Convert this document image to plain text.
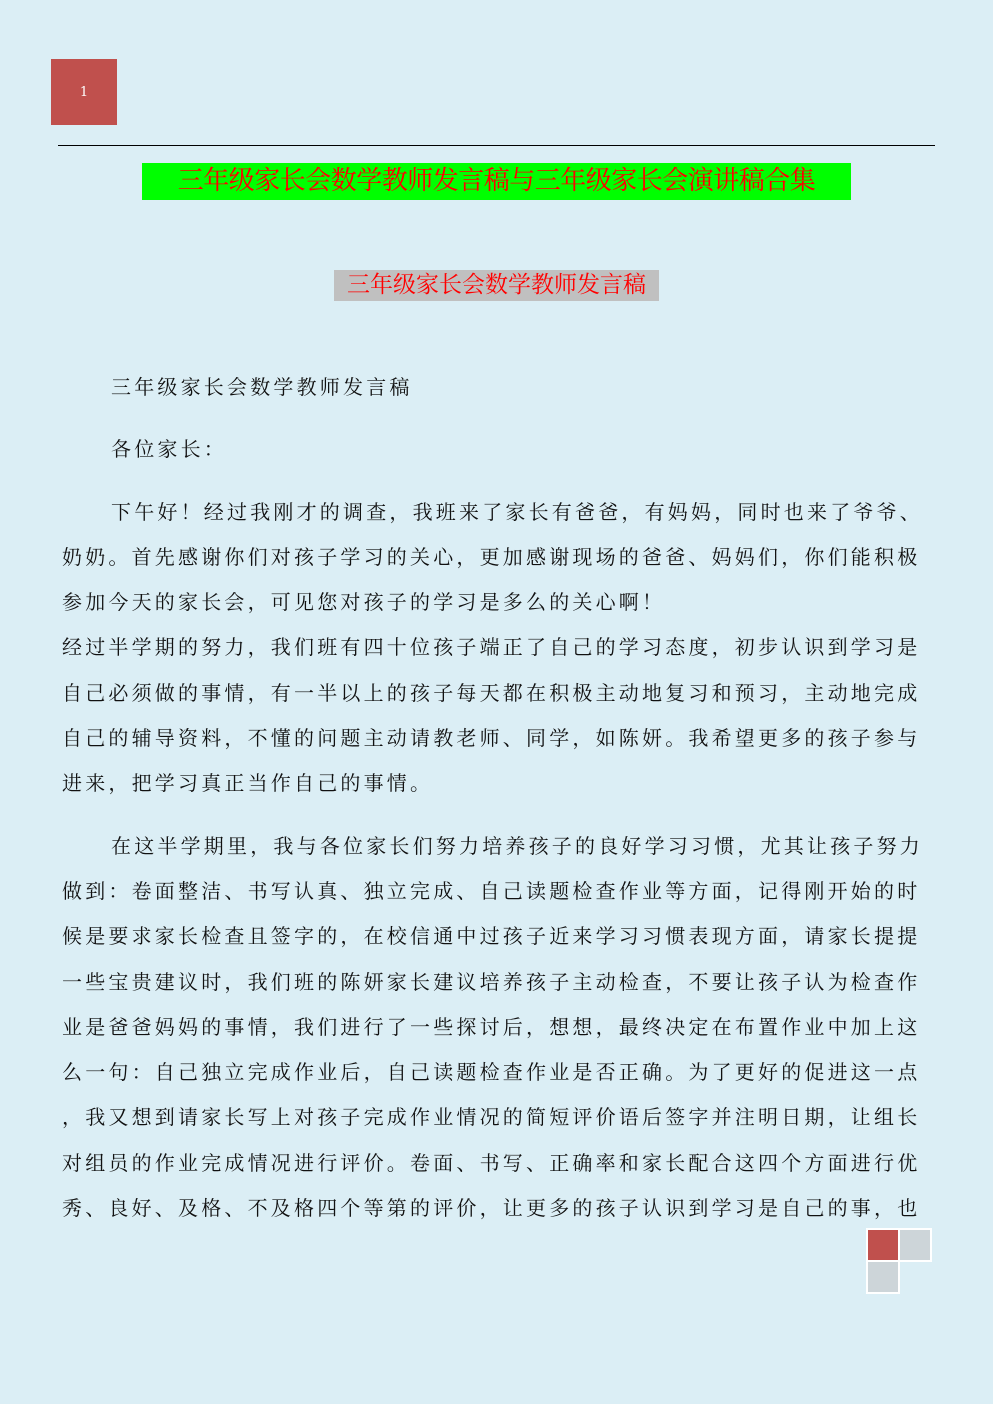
1
三年级家长会数学教师发言稿与三年级家长会演讲稿合集
三年级家长会数学教师发言稿
三年级家长会数学教师发言稿
各位家长：
下午好！经过我刚才的调查，我班来了家长有爸爸，有妈妈，同时也来了爷爷、
奶奶。首先感谢你们对孩子学习的关心，更加感谢现场的爸爸、妈妈们，你们能积极
参加今天的家长会，可见您对孩子的学习是多么的关心啊！
经过半学期的努力，我们班有四十位孩子端正了自己的学习态度，初步认识到学习是
自己必须做的事情，有一半以上的孩子每天都在积极主动地复习和预习，主动地完成
自己的辅导资料，不懂的问题主动请教老师、同学，如陈妍。我希望更多的孩子参与
进来，把学习真正当作自己的事情。
在这半学期里，我与各位家长们努力培养孩子的良好学习习惯，尤其让孩子努力
做到：卷面整洁、书写认真、独立完成、自己读题检查作业等方面，记得刚开始的时
候是要求家长检查且签字的，在校信通中过孩子近来学习习惯表现方面，请家长提提
一些宝贵建议时，我们班的陈妍家长建议培养孩子主动检查，不要让孩子认为检查作
业是爸爸妈妈的事情，我们进行了一些探讨后，想想，最终决定在布置作业中加上这
么一句：自己独立完成作业后，自己读题检查作业是否正确。为了更好的促进这一点
，我又想到请家长写上对孩子完成作业情况的简短评价语后签字并注明日期，让组长
对组员的作业完成情况进行评价。卷面、书写、正确率和家长配合这四个方面进行优
秀、良好、及格、不及格四个等第的评价，让更多的孩子认识到学习是自己的事，也
